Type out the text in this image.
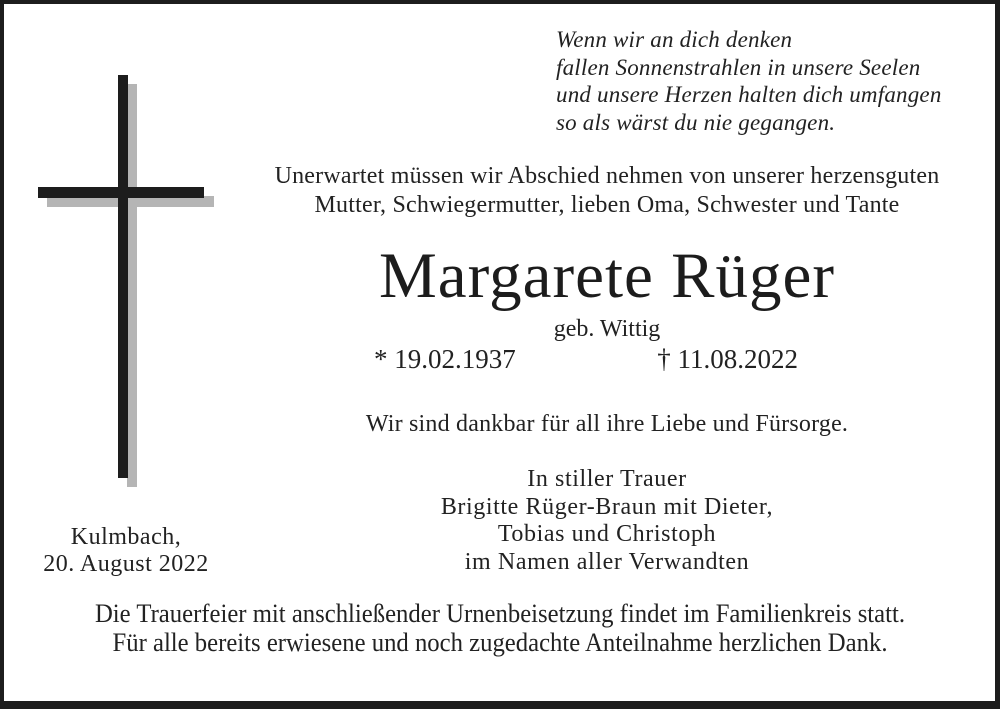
Wenn wir an dich denken
fallen Sonnenstrahlen in unsere Seelen
und unsere Herzen halten dich umfangen
so als wärst du nie gegangen.
Unerwartet müssen wir Abschied nehmen von unserer herzensguten
Mutter, Schwiegermutter, lieben Oma, Schwester und Tante
Margarete Rüger
geb. Wittig
* 19.02.1937	† 11.08.2022
Wir sind dankbar für all ihre Liebe und Fürsorge.
In stiller Trauer
Brigitte Rüger-Braun mit Dieter,
Tobias und Christoph
im Namen aller Verwandten
Kulmbach,
20. August 2022
Die Trauerfeier mit anschließender Urnenbeisetzung findet im Familienkreis statt.
Für alle bereits erwiesene und noch zugedachte Anteilnahme herzlichen Dank.
